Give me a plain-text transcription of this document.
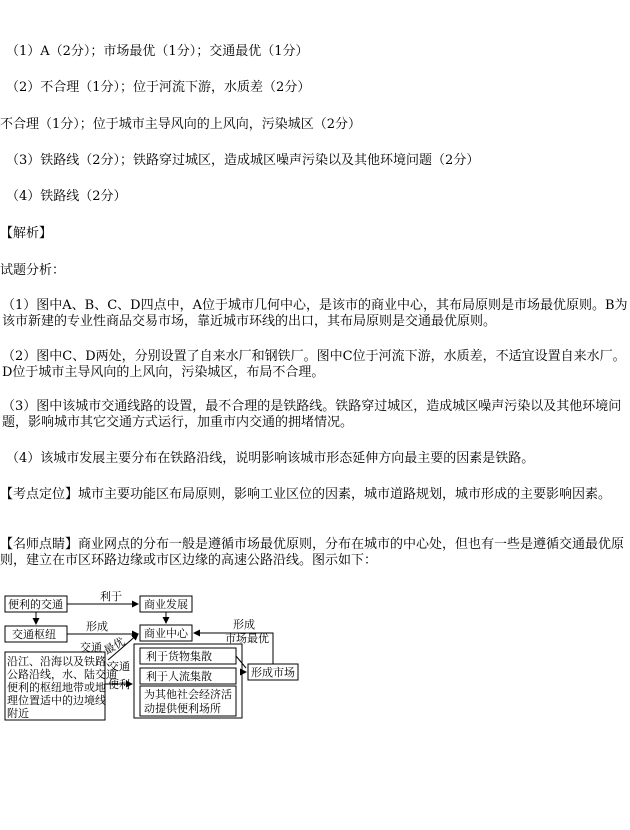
（1）A（2分）；市场最优（1分）；交通最优（1分）
（2）不合理（1分）；位于河流下游，水质差（2分）
不合理（1分）；位于城市主导风向的上风向，污染城区（2分）
（3）铁路线（2分）；铁路穿过城区，造成城区噪声污染以及其他环境问题（2分）
（4）铁路线（2分）
【解析】
试题分析：
（1）图中A、B、C、D四点中，A位于城市几何中心，是该市的商业中心，其布局原则是市场最优原则。B为该市新建的专业性商品交易市场，靠近城市环线的出口，其布局原则是交通最优原则。
（2）图中C、D两处，分别设置了自来水厂和钢铁厂。图中C位于河流下游，水质差，不适宜设置自来水厂。D位于城市主导风向的上风向，污染城区，布局不合理。
（3）图中该城市交通线路的设置，最不合理的是铁路线。铁路穿过城区，造成城区噪声污染以及其他环境问题，影响城市其它交通方式运行，加重市内交通的拥堵情况。
（4）该城市发展主要分布在铁路沿线，说明影响该城市形态延伸方向最主要的因素是铁路。
【考点定位】城市主要功能区布局原则，影响工业区位的因素，城市道路规划，城市形成的主要影响因素。
【名师点睛】商业网点的分布一般是遵循市场最优原则，分布在城市的中心处，但也有一些是遵循交通最优原则，建立在市区环路边缘或市区边缘的高速公路沿线。图示如下：
利于
形成
交通 最优
交通
便利
形成
市场最优
便利的交通
交通枢纽
沿江、沿海以及铁路、
公路沿线，水、陆交通
便利的枢纽地带或地
理位置适中的边境线
附近
商业发展
商业中心
利于货物集散
利于人流集散
为其他社会经济活
动提供便利场所
形成市场
